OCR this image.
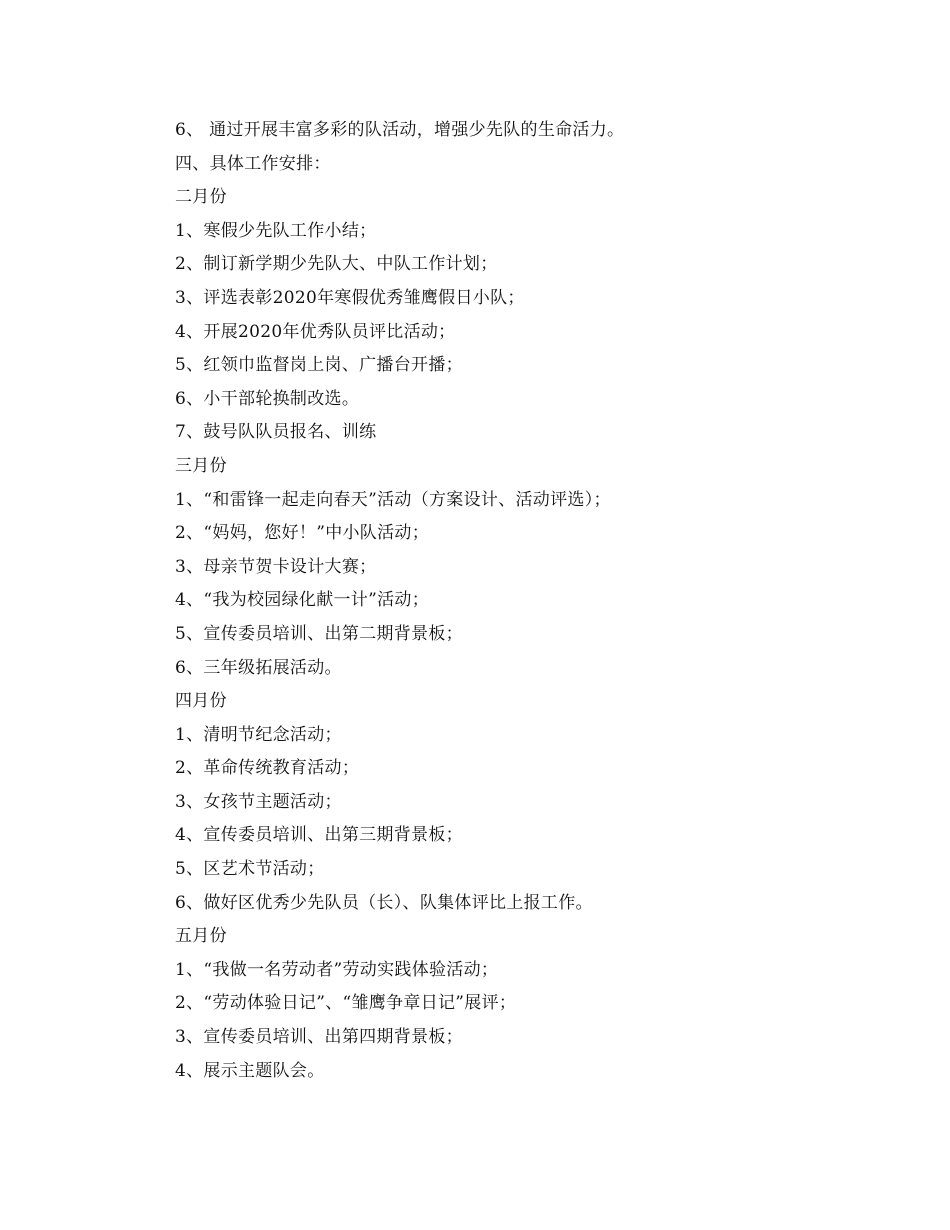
6、 通过开展丰富多彩的队活动，增强少先队的生命活力。
四、具体工作安排：
二月份
1、寒假少先队工作小结；
2、制订新学期少先队大、中队工作计划；
3、评选表彰2020年寒假优秀雏鹰假日小队；
4、开展2020年优秀队员评比活动；
5、红领巾监督岗上岗、广播台开播；
6、小干部轮换制改选。
7、鼓号队队员报名、训练
三月份
1、“和雷锋一起走向春天”活动（方案设计、活动评选）；
2、“妈妈，您好！”中小队活动；
3、母亲节贺卡设计大赛；
4、“我为校园绿化献一计”活动；
5、宣传委员培训、出第二期背景板；
6、三年级拓展活动。
四月份
1、清明节纪念活动；
2、革命传统教育活动；
3、女孩节主题活动；
4、宣传委员培训、出第三期背景板；
5、区艺术节活动；
6、做好区优秀少先队员（长）、队集体评比上报工作。
五月份
1、“我做一名劳动者”劳动实践体验活动；
2、“劳动体验日记”、“雏鹰争章日记”展评；
3、宣传委员培训、出第四期背景板；
4、展示主题队会。
